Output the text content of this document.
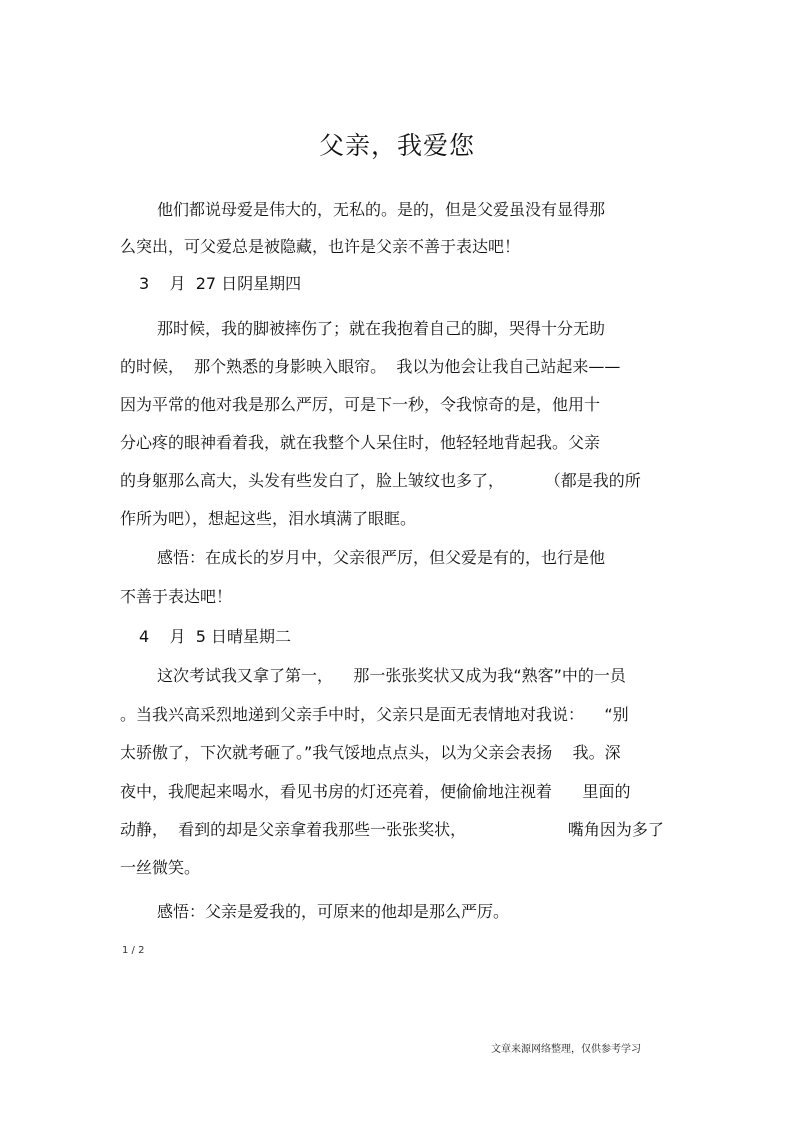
父亲，我爱您
他们都说母爱是伟大的，无私的。是的，但是父爱虽没有显得那
么突出，可父爱总是被隐藏，也许是父亲不善于表达吧！
3    月  27 日阴星期四
那时候，我的脚被摔伤了；就在我抱着自己的脚，哭得十分无助
的时候，  那个熟悉的身影映入眼帘。  我以为他会让我自己站起来——
因为平常的他对我是那么严厉，可是下一秒，令我惊奇的是，他用十
分心疼的眼神看着我，就在我整个人呆住时，他轻轻地背起我。父亲
的身躯那么高大，头发有些发白了，脸上皱纹也多了，        （都是我的所
作所为吧），想起这些，泪水填满了眼眶。
感悟：在成长的岁月中，父亲很严厉，但父爱是有的，也行是他
不善于表达吧！
4    月  5 日晴星期二
这次考试我又拿了第一，    那一张张奖状又成为我“熟客”中的一员
。当我兴高采烈地递到父亲手中时，父亲只是面无表情地对我说：    “别
太骄傲了，下次就考砸了。”我气馁地点点头，以为父亲会表扬    我。深
夜中，我爬起来喝水，看见书房的灯还亮着，便偷偷地注视着      里面的
动静，  看到的却是父亲拿着我那些一张张奖状，                    嘴角因为多了
一丝微笑。
感悟：父亲是爱我的，可原来的他却是那么严厉。
1 / 2
文章来源网络整理，仅供参考学习
